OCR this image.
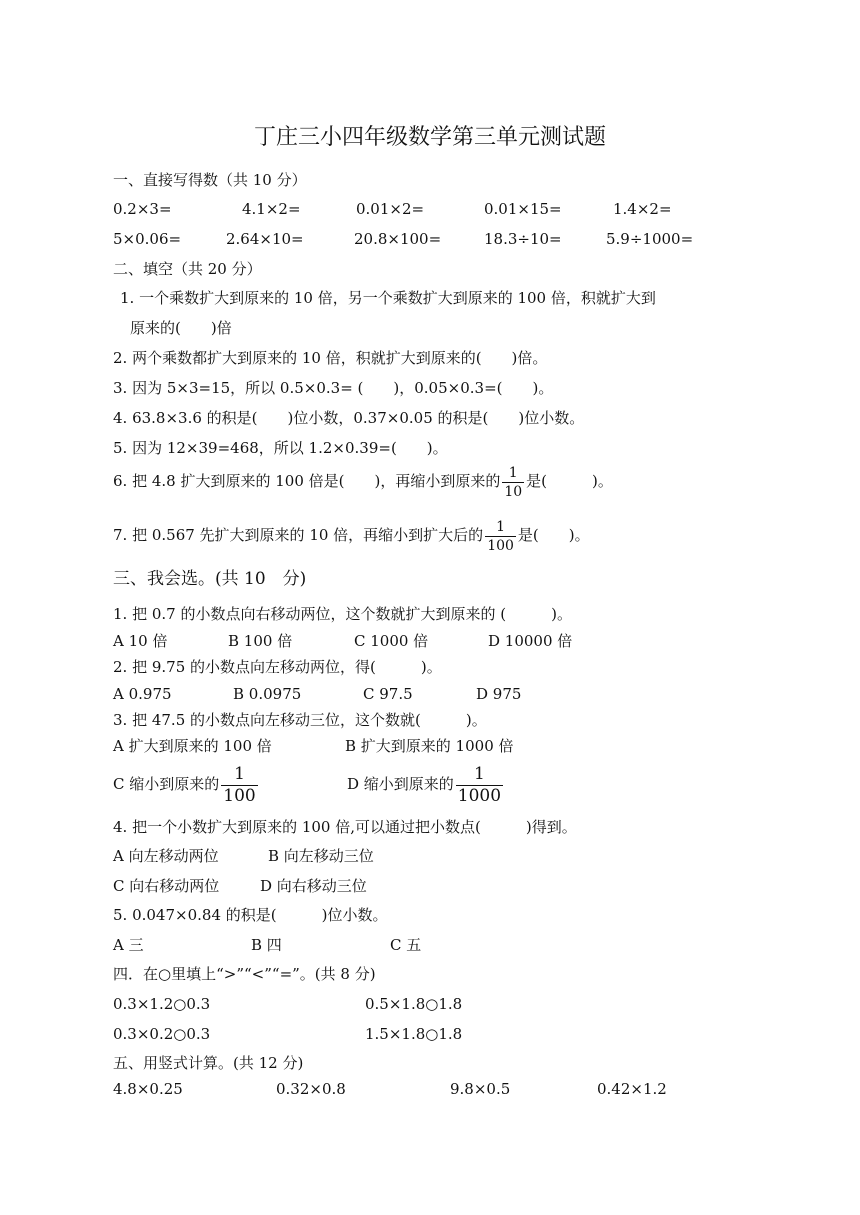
丁庄三小四年级数学第三单元测试题
一、直接写得数（共 10 分）
0.2×3=	4.1×2=	0.01×2=	0.01×15=	1.4×2=
5×0.06=	2.64×10=	20.8×100=	18.3÷10=	5.9÷1000=
二、填空（共 20 分）
1. 一个乘数扩大到原来的 10 倍，另一个乘数扩大到原来的 100 倍，积就扩大到
原来的(　　)倍
2. 两个乘数都扩大到原来的 10 倍，积就扩大到原来的(　　)倍。
3. 因为 5×3=15，所以 0.5×0.3= (　　)，0.05×0.3=(　　)。
4. 63.8×3.6 的积是(　　)位小数，0.37×0.05 的积是(　　)位小数。
5. 因为 12×39=468，所以 1.2×0.39=(　　)。
6. 把 4.8 扩大到原来的 100 倍是(　　)，再缩小到原来的 $\frac{1}{10}$ 是(　　　)。
7. 把 0.567 先扩大到原来的 10 倍，再缩小到扩大后的 $\frac{1}{100}$ 是(　　)。
三、我会选。(共 10　分)
1. 把 0.7 的小数点向右移动两位，这个数就扩大到原来的 (　　　)。
A 10 倍	B 100 倍	C 1000 倍	D 10000 倍
2. 把 9.75 的小数点向左移动两位，得(　　　)。
A 0.975	B 0.0975	C 97.5	D 975
3. 把 47.5 的小数点向左移动三位，这个数就(　　　)。
A 扩大到原来的 100 倍	B 扩大到原来的 1000 倍
C 缩小到原来的 $\frac{1}{100}$	D 缩小到原来的 $\frac{1}{1000}$
4. 把一个小数扩大到原来的 100 倍,可以通过把小数点(　　　)得到。
A 向左移动两位	B 向左移动三位
C 向右移动两位	D 向右移动三位
5. 0.047×0.84 的积是(　　　)位小数。
A 三	B 四	C 五
四．在○里填上“>”“<”“=”。(共 8 分)
0.3×1.2○0.3	0.5×1.8○1.8
0.3×0.2○0.3	1.5×1.8○1.8
五、用竖式计算。(共 12 分)
4.8×0.25	0.32×0.8	9.8×0.5	0.42×1.2
